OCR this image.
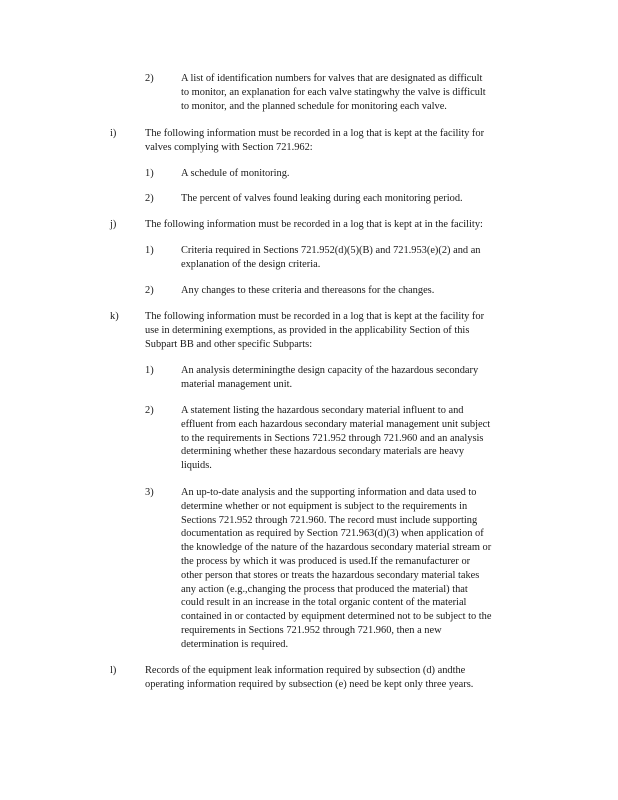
2)	A list of identification numbers for valves that are designated as difficult
to monitor, an explanation for each valve statingwhy the valve is difficult
to monitor, and the planned schedule for monitoring each valve.
i)	The following information must be recorded in a log that is kept at the facility for
valves complying with Section 721.962:
1)	A schedule of monitoring.
2)	The percent of valves found leaking during each monitoring period.
j)	The following information must be recorded in a log that is kept at in the facility:
1)	Criteria required in Sections 721.952(d)(5)(B) and 721.953(e)(2) and an
explanation of the design criteria.
2)	Any changes to these criteria and thereasons for the changes.
k)	The following information must be recorded in a log that is kept at the facility for
use in determining exemptions, as provided in the applicability Section of this
Subpart BB and other specific Subparts:
1)	An analysis determiningthe design capacity of the hazardous secondary
material management unit.
2)	A statement listing the hazardous secondary material influent to and
effluent from each hazardous secondary material management unit subject
to the requirements in Sections 721.952 through 721.960 and an analysis
determining whether these hazardous secondary materials are heavy
liquids.
3)	An up-to-date analysis and the supporting information and data used to
determine whether or not equipment is subject to the requirements in
Sections 721.952 through 721.960. The record must include supporting
documentation as required by Section 721.963(d)(3) when application of
the knowledge of the nature of the hazardous secondary material stream or
the process by which it was produced is used.If the remanufacturer or
other person that stores or treats the hazardous secondary material takes
any action (e.g.,changing the process that produced the material) that
could result in an increase in the total organic content of the material
contained in or contacted by equipment determined not to be subject to the
requirements in Sections 721.952 through 721.960, then a new
determination is required.
l)	Records of the equipment leak information required by subsection (d) andthe
operating information required by subsection (e) need be kept only three years.
